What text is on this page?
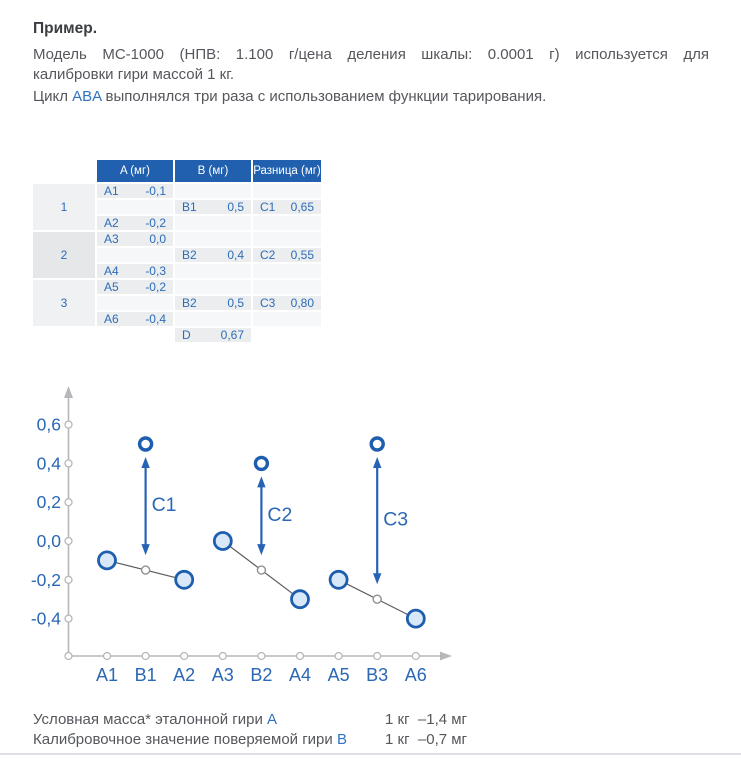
Пример.
Модель МС-1000 (НПВ: 1.100 г/цена деления шкалы: 0.0001 г) используется для
калибровки гири массой 1 кг.
Цикл ABA выполнялся три раза с использованием функции тарирования.
	A (мг)	B (мг)	Разница (мг)
1	A1 -0,1		

		B1 0,5	C1 0,65

	A2 -0,2		

2	A3 0,0		

		B2 0,4	C2 0,55

	A4 -0,3		

3	A5 -0,2		

		B2 0,5	C3 0,80

	A6 -0,4		

		D 0,67	
C1	C2	C3
0,6
0,4
0,2
0,0
-0,2
-0,4
A1 B1 A2 A3 B2 A4 A5 B3 A6
Условная масса* эталонной гири A	1 кг  –1,4 мг
Калибровочное значение поверяемой гири B	1 кг  –0,7 мг
